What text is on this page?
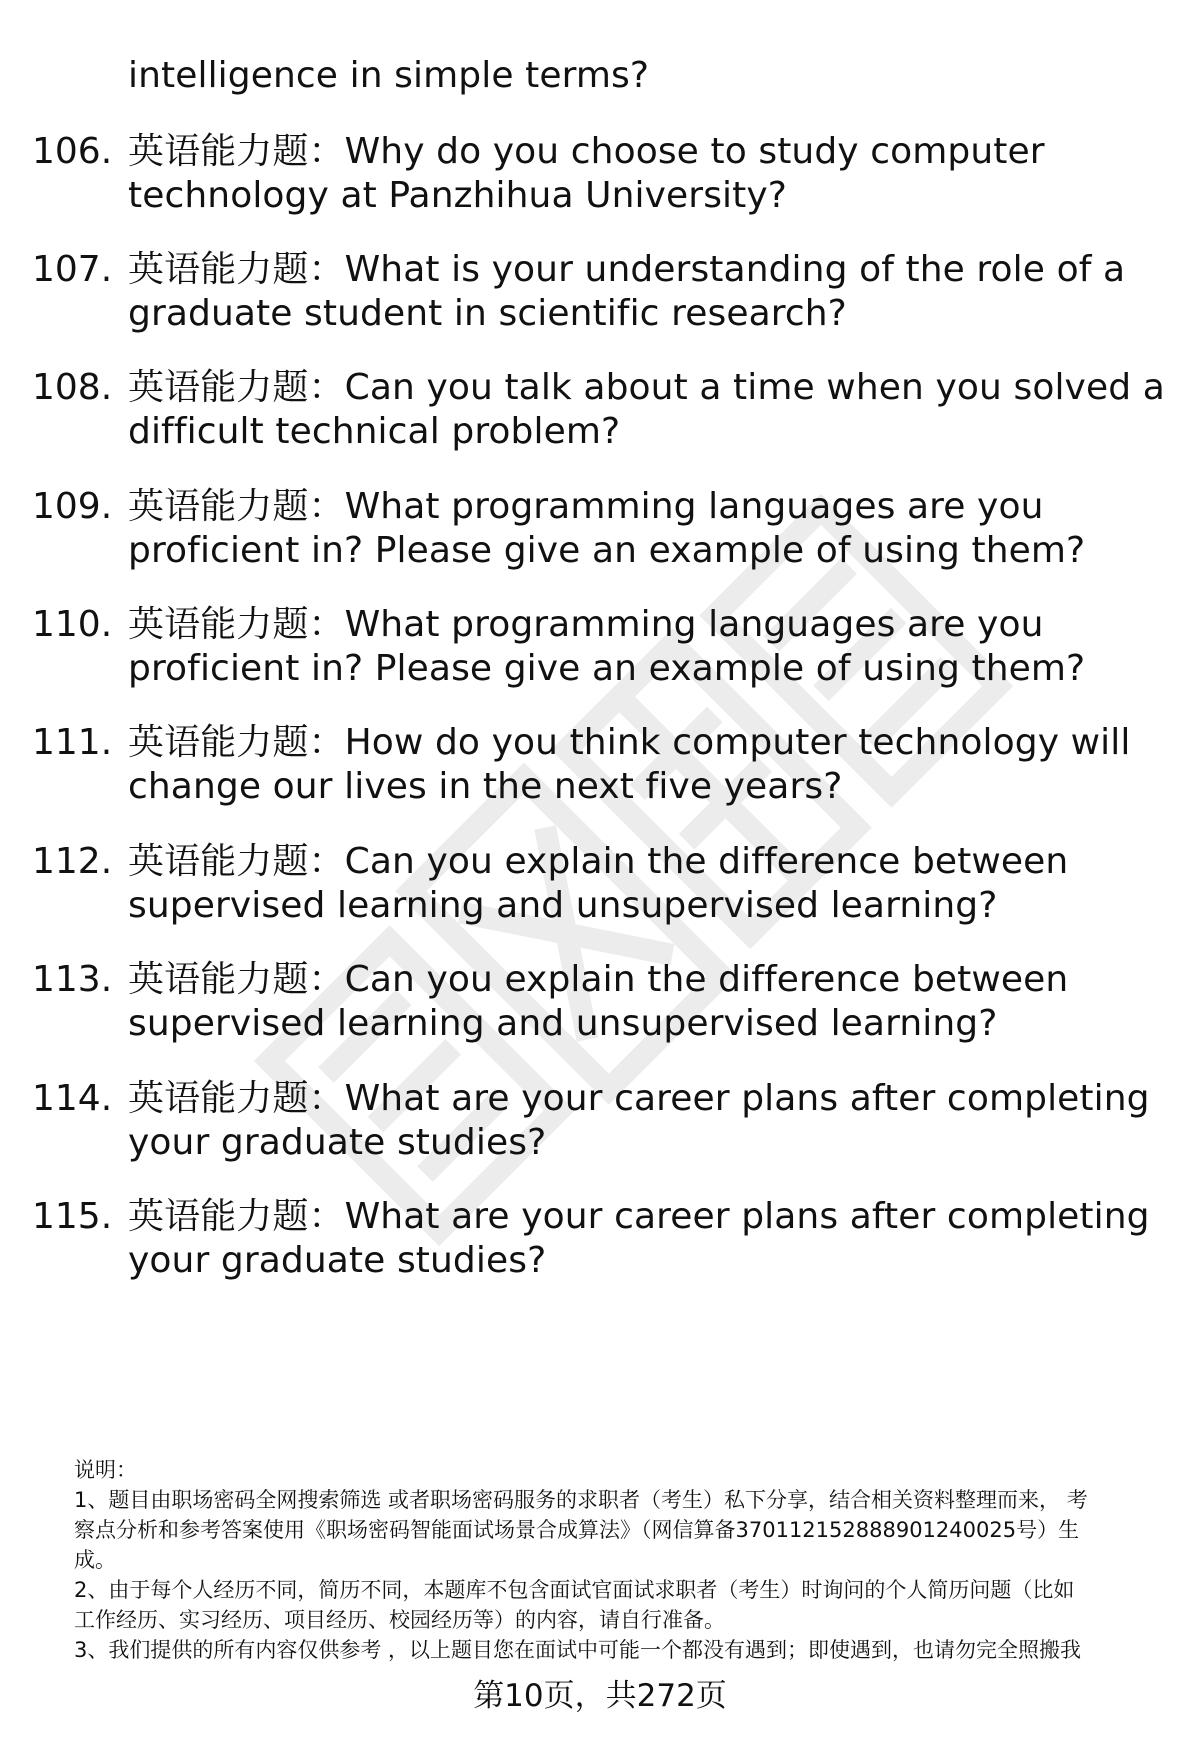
intelligence in simple terms?
106. 英语能力题：Why do you choose to study computer
technology at Panzhihua University?
107. 英语能力题：What is your understanding of the role of a
graduate student in scientific research?
108. 英语能力题：Can you talk about a time when you solved a
difficult technical problem?
109. 英语能力题：What programming languages are you
proficient in? Please give an example of using them?
110. 英语能力题：What programming languages are you
proficient in? Please give an example of using them?
111. 英语能力题：How do you think computer technology will
change our lives in the next five years?
112. 英语能力题：Can you explain the difference between
supervised learning and unsupervised learning?
113. 英语能力题：Can you explain the difference between
supervised learning and unsupervised learning?
114. 英语能力题：What are your career plans after completing
your graduate studies?
115. 英语能力题：What are your career plans after completing
your graduate studies?

说明：

1、题目由职场密码全网搜索筛选 或者职场密码服务的求职者（考生）私下分享，结合相关资料整理而来， 考

察点分析和参考答案使用《职场密码智能面试场景合成算法》（网信算备370112152888901240025号）生

成。

2、由于每个人经历不同，简历不同，本题库不包含面试官面试求职者（考生）时询问的个人简历问题（比如

工作经历、实习经历、项目经历、校园经历等）的内容，请自行准备。

3、我们提供的所有内容仅供参考 ，以上题目您在面试中可能一个都没有遇到；即使遇到，也请勿完全照搬我

第10页，共272页
